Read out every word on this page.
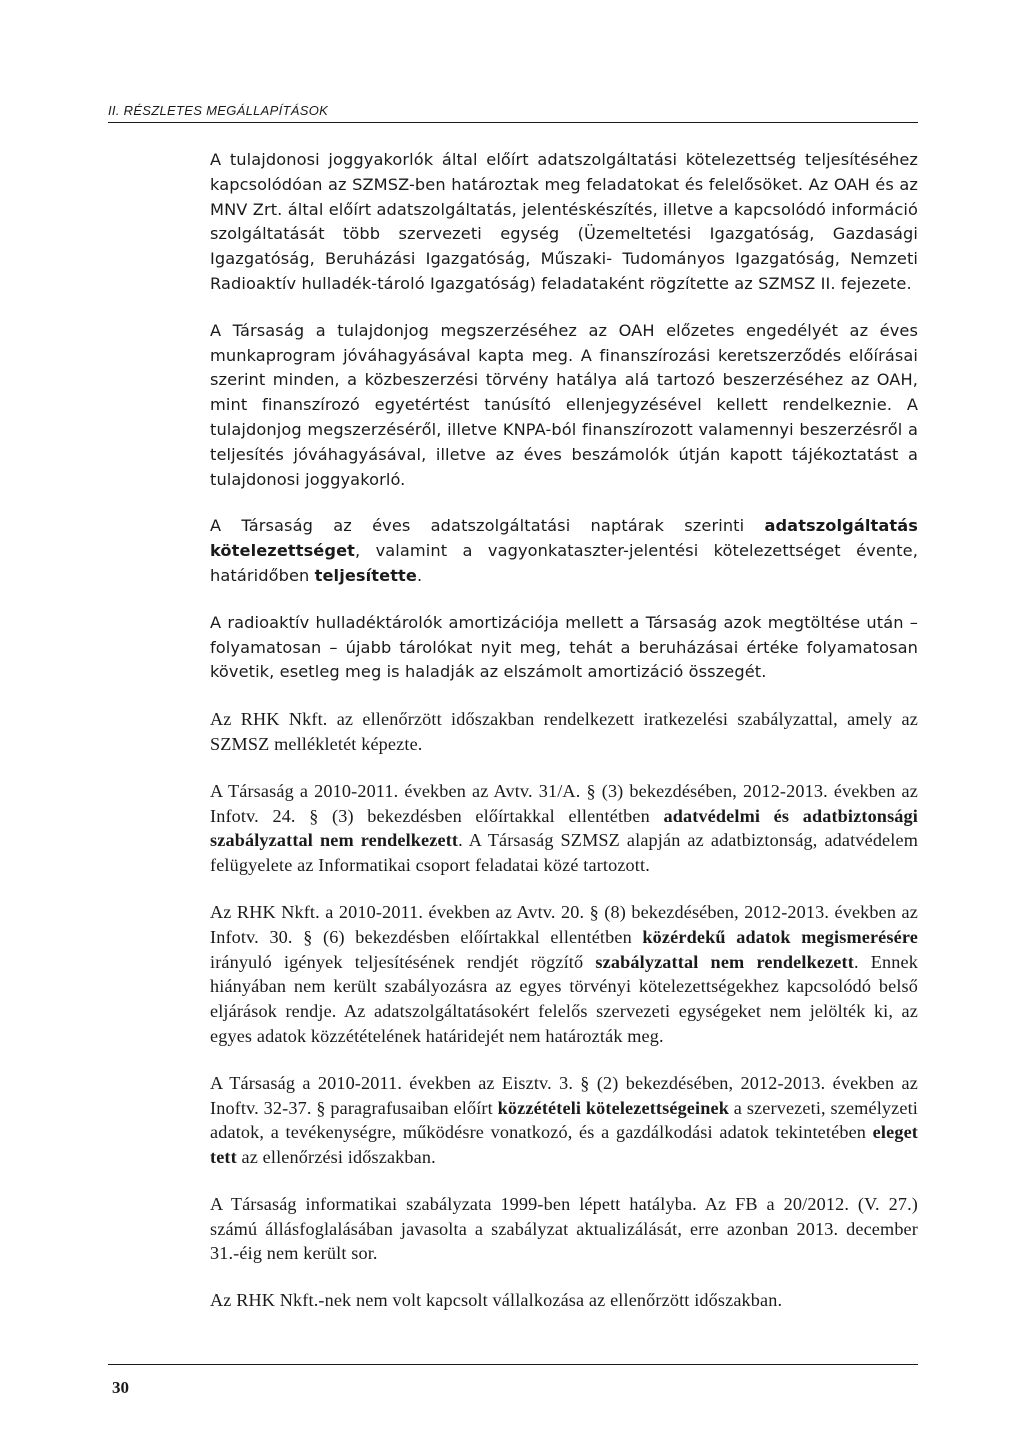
II. RÉSZLETES MEGÁLLAPÍTÁSOK

A tulajdonosi joggyakorlók által előírt adatszolgáltatási kötelezettség teljesítéséhez kapcsolódóan az SZMSZ-ben határoztak meg feladatokat és felelősöket. Az OAH és az MNV Zrt. által előírt adatszolgáltatás, jelentéskészítés, illetve a kapcsolódó információ szolgáltatását több szervezeti egység (Üzemeltetési Igazgatóság, Gazdasági Igazgatóság, Beruházási Igazgatóság, Műszaki- Tudományos Igazgatóság, Nemzeti Radioaktív hulladék-tároló Igazgatóság) feladataként rögzítette az SZMSZ II. fejezete.

A Társaság a tulajdonjog megszerzéséhez az OAH előzetes engedélyét az éves munkaprogram jóváhagyásával kapta meg. A finanszírozási keretszerződés előírásai szerint minden, a közbeszerzési törvény hatálya alá tartozó beszerzéséhez az OAH, mint finanszírozó egyetértést tanúsító ellenjegyzésével kellett rendelkeznie. A tulajdonjog megszerzéséről, illetve KNPA-ból finanszírozott valamennyi beszerzésről a teljesítés jóváhagyásával, illetve az éves beszámolók útján kapott tájékoztatást a tulajdonosi joggyakorló.

A Társaság az éves adatszolgáltatási naptárak szerinti adatszolgáltatás kötelezettséget, valamint a vagyonkataszter-jelentési kötelezettséget évente, határidőben teljesítette.

A radioaktív hulladéktárolók amortizációja mellett a Társaság azok megtöltése után – folyamatosan – újabb tárolókat nyit meg, tehát a beruházásai értéke folyamatosan követik, esetleg meg is haladják az elszámolt amortizáció összegét.

Az RHK Nkft. az ellenőrzött időszakban rendelkezett iratkezelési szabályzattal, amely az SZMSZ mellékletét képezte.

A Társaság a 2010-2011. években az Avtv. 31/A. § (3) bekezdésében, 2012-2013. években az Infotv. 24. § (3) bekezdésben előírtakkal ellentétben adatvédelmi és adatbiztonsági szabályzattal nem rendelkezett. A Társaság SZMSZ alapján az adatbiztonság, adatvédelem felügyelete az Informatikai csoport feladatai közé tartozott.

Az RHK Nkft. a 2010-2011. években az Avtv. 20. § (8) bekezdésében, 2012-2013. években az Infotv. 30. § (6) bekezdésben előírtakkal ellentétben közérdekű adatok megismerésére irányuló igények teljesítésének rendjét rögzítő szabályzattal nem rendelkezett. Ennek hiányában nem került szabályozásra az egyes törvényi kötelezettségekhez kapcsolódó belső eljárások rendje. Az adatszolgáltatásokért felelős szervezeti egységeket nem jelölték ki, az egyes adatok közzétételének határidejét nem határozták meg.

A Társaság a 2010-2011. években az Eisztv. 3. § (2) bekezdésében, 2012-2013. években az Inoftv. 32-37. § paragrafusaiban előírt közzétételi kötelezettségeinek a szervezeti, személyzeti adatok, a tevékenységre, működésre vonatkozó, és a gazdálkodási adatok tekintetében eleget tett az ellenőrzési időszakban.

A Társaság informatikai szabályzata 1999-ben lépett hatályba. Az FB a 20/2012. (V. 27.) számú állásfoglalásában javasolta a szabályzat aktualizálását, erre azonban 2013. december 31.-éig nem került sor.

Az RHK Nkft.-nek nem volt kapcsolt vállalkozása az ellenőrzött időszakban.

30
